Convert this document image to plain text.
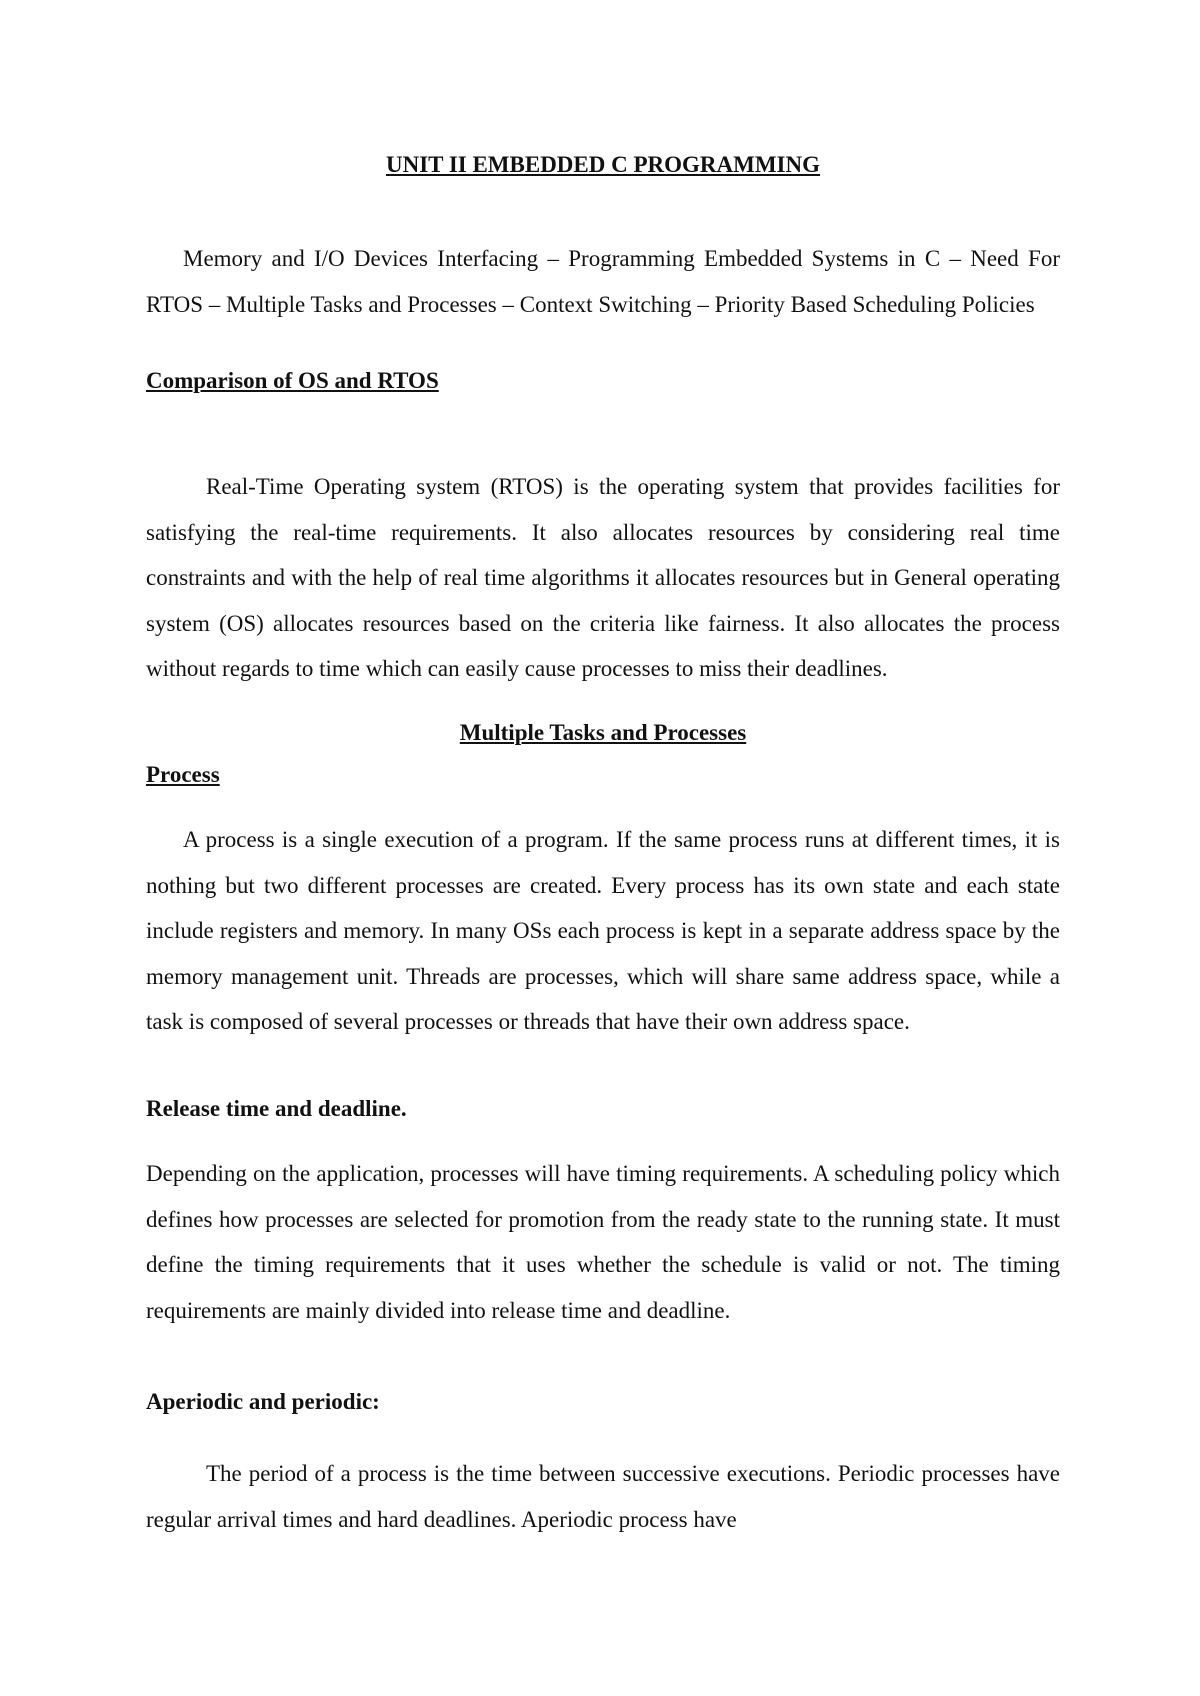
UNIT II EMBEDDED C PROGRAMMING

Memory and I/O Devices Interfacing – Programming Embedded Systems in C – Need For RTOS – Multiple Tasks and Processes – Context Switching – Priority Based Scheduling Policies

Comparison of OS and RTOS

Real-Time Operating system (RTOS) is the operating system that provides facilities for satisfying the real-time requirements. It also allocates resources by considering real time constraints and with the help of real time algorithms it allocates resources but in General operating system (OS) allocates resources based on the criteria like fairness. It also allocates the process without regards to time which can easily cause processes to miss their deadlines.

Multiple Tasks and Processes

Process

A process is a single execution of a program. If the same process runs at different times, it is nothing but two different processes are created. Every process has its own state and each state include registers and memory. In many OSs each process is kept in a separate address space by the memory management unit. Threads are processes, which will share same address space, while a task is composed of several processes or threads that have their own address space.

Release time and deadline.

Depending on the application, processes will have timing requirements. A scheduling policy which defines how processes are selected for promotion from the ready state to the running state. It must define the timing requirements that it uses whether the schedule is valid or not. The timing requirements are mainly divided into release time and deadline.

Aperiodic and periodic:

The period of a process is the time between successive executions. Periodic processes have regular arrival times and hard deadlines. Aperiodic process have
